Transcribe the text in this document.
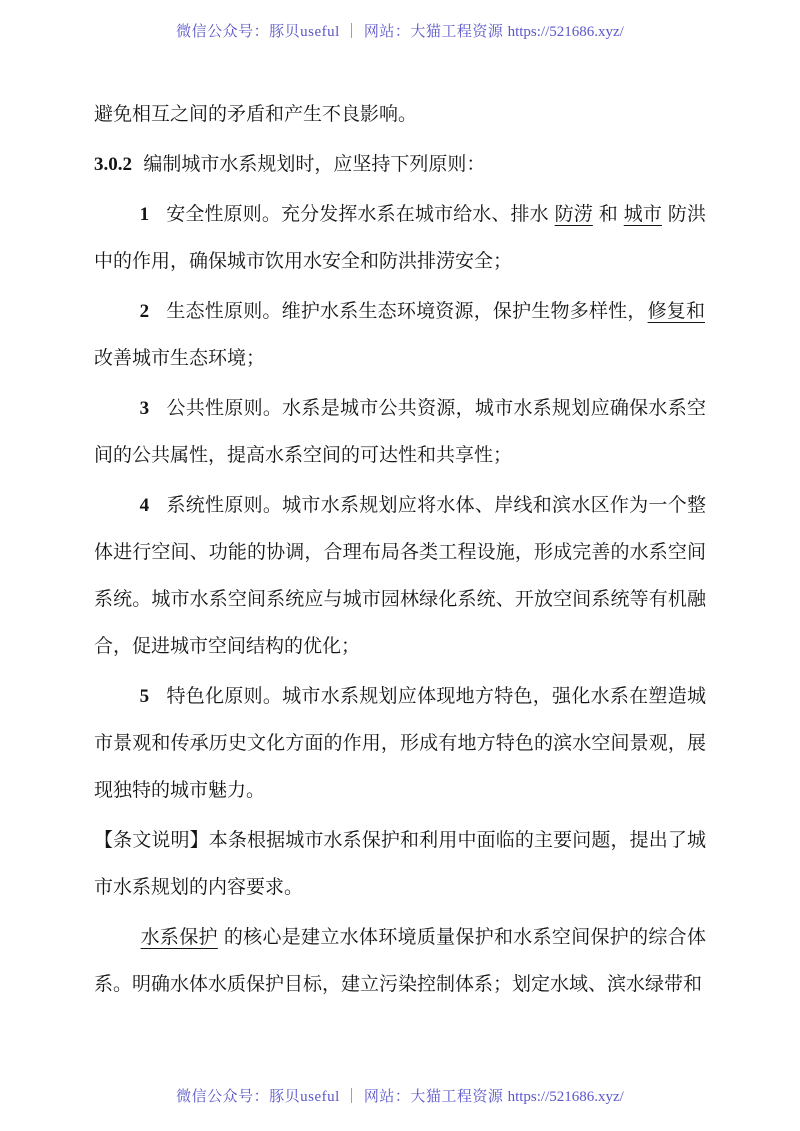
微信公众号：豚贝useful ｜ 网站：大猫工程资源 https://521686.xyz/

避免相互之间的矛盾和产生不良影响。

3.0.2 编制城市水系规划时，应坚持下列原则：

1 安全性原则。充分发挥水系在城市给水、排水 防涝 和 城市 防洪中的作用，确保城市饮用水安全和防洪排涝安全；

2 生态性原则。维护水系生态环境资源，保护生物多样性，修复和 改善城市生态环境；

3 公共性原则。水系是城市公共资源，城市水系规划应确保水系空间的公共属性，提高水系空间的可达性和共享性；

4 系统性原则。城市水系规划应将水体、岸线和滨水区作为一个整体进行空间、功能的协调，合理布局各类工程设施，形成完善的水系空间系统。城市水系空间系统应与城市园林绿化系统、开放空间系统等有机融合，促进城市空间结构的优化；

5 特色化原则。城市水系规划应体现地方特色，强化水系在塑造城市景观和传承历史文化方面的作用，形成有地方特色的滨水空间景观，展现独特的城市魅力。

【条文说明】本条根据城市水系保护和利用中面临的主要问题，提出了城市水系规划的内容要求。

水系保护 的核心是建立水体环境质量保护和水系空间保护的综合体系。明确水体水质保护目标，建立污染控制体系；划定水域、滨水绿带和

微信公众号：豚贝useful ｜ 网站：大猫工程资源 https://521686.xyz/
